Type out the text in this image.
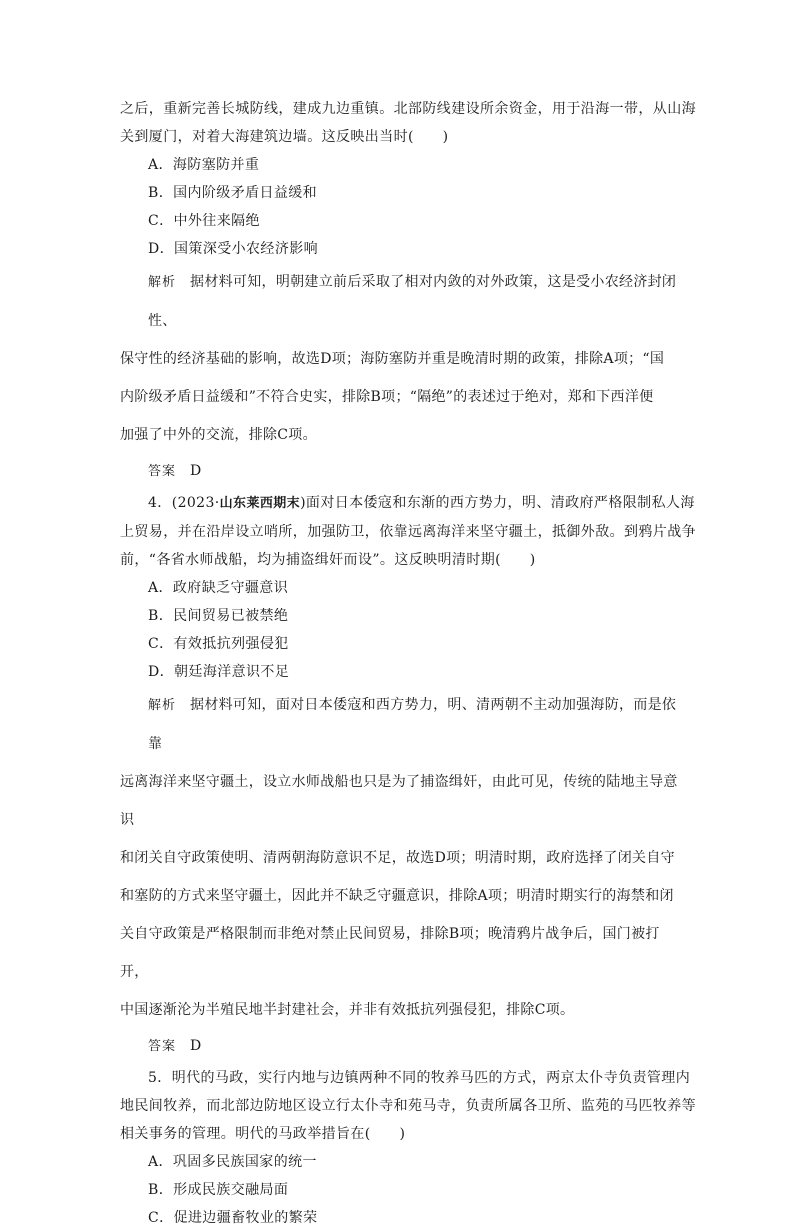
之后，重新完善长城防线，建成九边重镇。北部防线建设所余资金，用于沿海一带，从山海
关到厦门，对着大海建筑边墙。这反映出当时(　　)
A．海防塞防并重
B．国内阶级矛盾日益缓和
C．中外往来隔绝
D．国策深受小农经济影响
解析 据材料可知，明朝建立前后采取了相对内敛的对外政策，这是受小农经济封闭性、
保守性的经济基础的影响，故选D项；海防塞防并重是晚清时期的政策，排除A项；“国
内阶级矛盾日益缓和”不符合史实，排除B项；“隔绝”的表述过于绝对，郑和下西洋便
加强了中外的交流，排除C项。
答案 D
4．(2023·山东莱西期末)面对日本倭寇和东渐的西方势力，明、清政府严格限制私人海
上贸易，并在沿岸设立哨所，加强防卫，依靠远离海洋来坚守疆土，抵御外敌。到鸦片战争
前，“各省水师战船，均为捕盗缉奸而设”。这反映明清时期(　　)
A．政府缺乏守疆意识
B．民间贸易已被禁绝
C．有效抵抗列强侵犯
D．朝廷海洋意识不足
解析 据材料可知，面对日本倭寇和西方势力，明、清两朝不主动加强海防，而是依靠
远离海洋来坚守疆土，设立水师战船也只是为了捕盗缉奸，由此可见，传统的陆地主导意识
和闭关自守政策使明、清两朝海防意识不足，故选D项；明清时期，政府选择了闭关自守
和塞防的方式来坚守疆土，因此并不缺乏守疆意识，排除A项；明清时期实行的海禁和闭
关自守政策是严格限制而非绝对禁止民间贸易，排除B项；晚清鸦片战争后，国门被打开，
中国逐渐沦为半殖民地半封建社会，并非有效抵抗列强侵犯，排除C项。
答案 D
5．明代的马政，实行内地与边镇两种不同的牧养马匹的方式，两京太仆寺负责管理内
地民间牧养，而北部边防地区设立行太仆寺和苑马寺，负责所属各卫所、监苑的马匹牧养等
相关事务的管理。明代的马政举措旨在(　　)
A．巩固多民族国家的统一
B．形成民族交融局面
C．促进边疆畜牧业的繁荣
